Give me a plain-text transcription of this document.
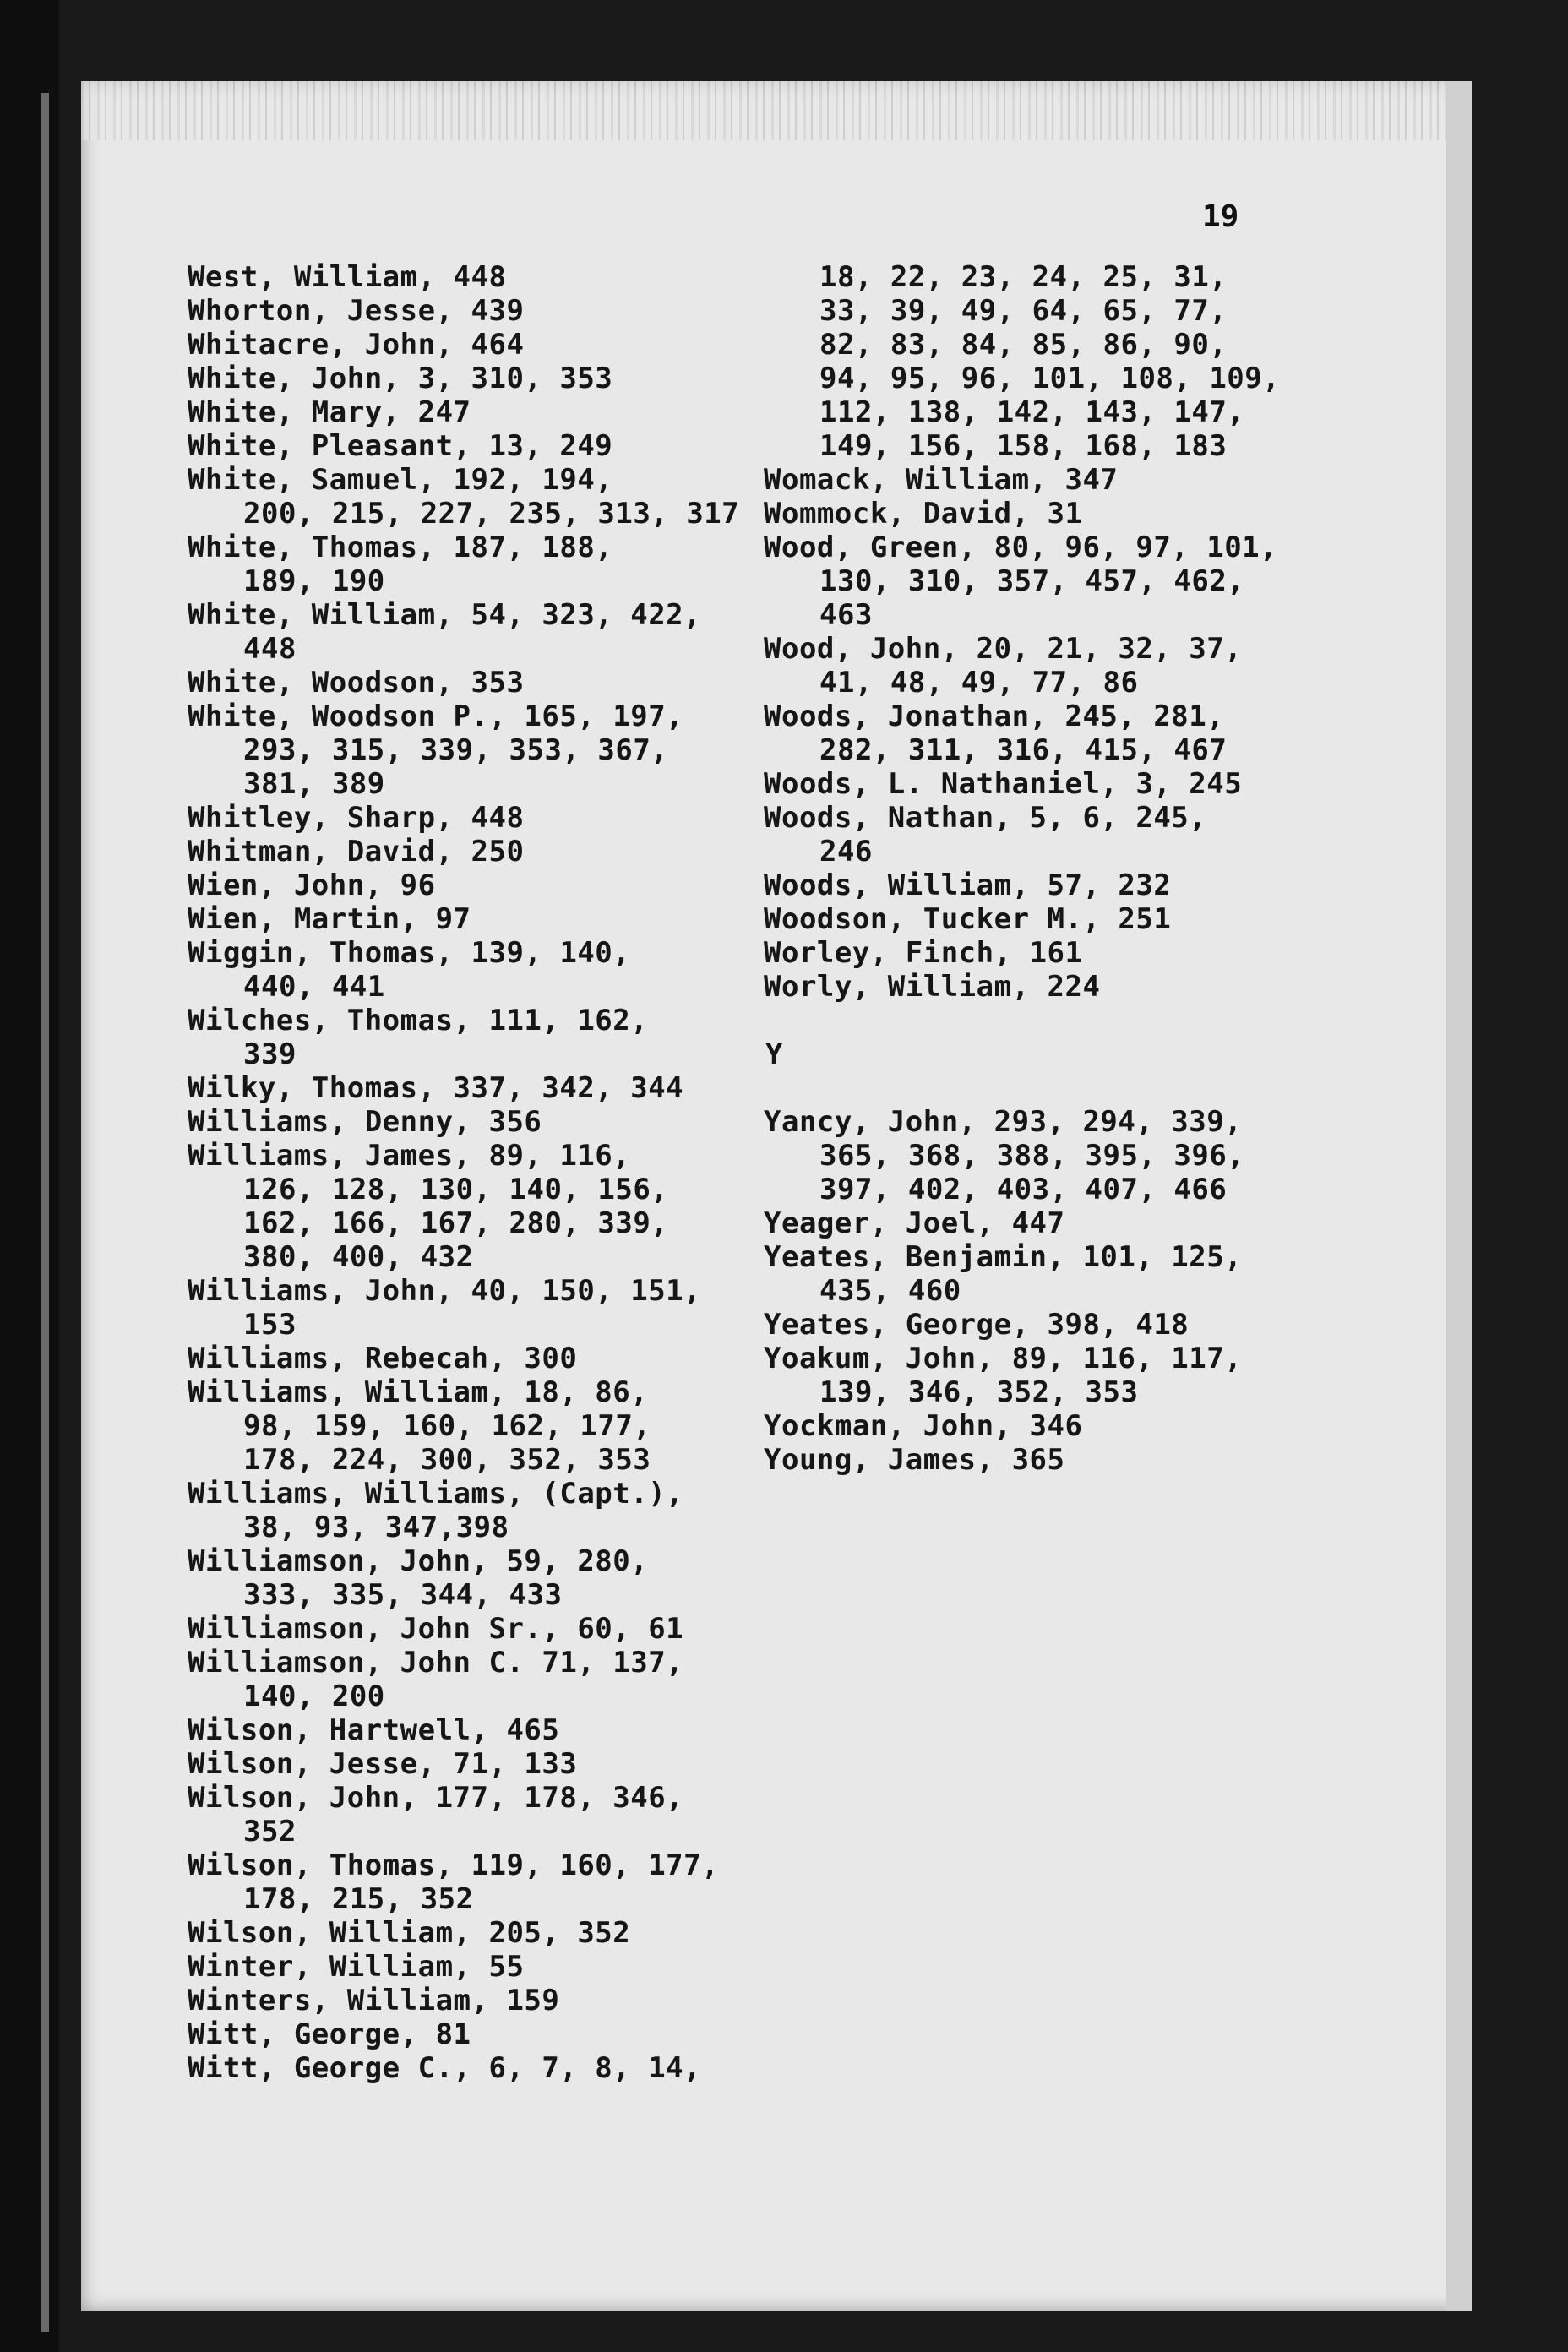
19
West, William, 448
Whorton, Jesse, 439
Whitacre, John, 464
White, John, 3, 310, 353
White, Mary, 247
White, Pleasant, 13, 249
White, Samuel, 192, 194,
200, 215, 227, 235, 313, 317
White, Thomas, 187, 188,
189, 190
White, William, 54, 323, 422,
448
White, Woodson, 353
White, Woodson P., 165, 197,
293, 315, 339, 353, 367,
381, 389
Whitley, Sharp, 448
Whitman, David, 250
Wien, John, 96
Wien, Martin, 97
Wiggin, Thomas, 139, 140,
440, 441
Wilches, Thomas, 111, 162,
339
Wilky, Thomas, 337, 342, 344
Williams, Denny, 356
Williams, James, 89, 116,
126, 128, 130, 140, 156,
162, 166, 167, 280, 339,
380, 400, 432
Williams, John, 40, 150, 151,
153
Williams, Rebecah, 300
Williams, William, 18, 86,
98, 159, 160, 162, 177,
178, 224, 300, 352, 353
Williams, Williams, (Capt.),
38, 93, 347,398
Williamson, John, 59, 280,
333, 335, 344, 433
Williamson, John Sr., 60, 61
Williamson, John C. 71, 137,
140, 200
Wilson, Hartwell, 465
Wilson, Jesse, 71, 133
Wilson, John, 177, 178, 346,
352
Wilson, Thomas, 119, 160, 177,
178, 215, 352
Wilson, William, 205, 352
Winter, William, 55
Winters, William, 159
Witt, George, 81
Witt, George C., 6, 7, 8, 14,
18, 22, 23, 24, 25, 31,
33, 39, 49, 64, 65, 77,
82, 83, 84, 85, 86, 90,
94, 95, 96, 101, 108, 109,
112, 138, 142, 143, 147,
149, 156, 158, 168, 183
Womack, William, 347
Wommock, David, 31
Wood, Green, 80, 96, 97, 101,
130, 310, 357, 457, 462,
463
Wood, John, 20, 21, 32, 37,
41, 48, 49, 77, 86
Woods, Jonathan, 245, 281,
282, 311, 316, 415, 467
Woods, L. Nathaniel, 3, 245
Woods, Nathan, 5, 6, 245,
246
Woods, William, 57, 232
Woodson, Tucker M., 251
Worley, Finch, 161
Worly, William, 224
Y
Yancy, John, 293, 294, 339,
365, 368, 388, 395, 396,
397, 402, 403, 407, 466
Yeager, Joel, 447
Yeates, Benjamin, 101, 125,
435, 460
Yeates, George, 398, 418
Yoakum, John, 89, 116, 117,
139, 346, 352, 353
Yockman, John, 346
Young, James, 365
